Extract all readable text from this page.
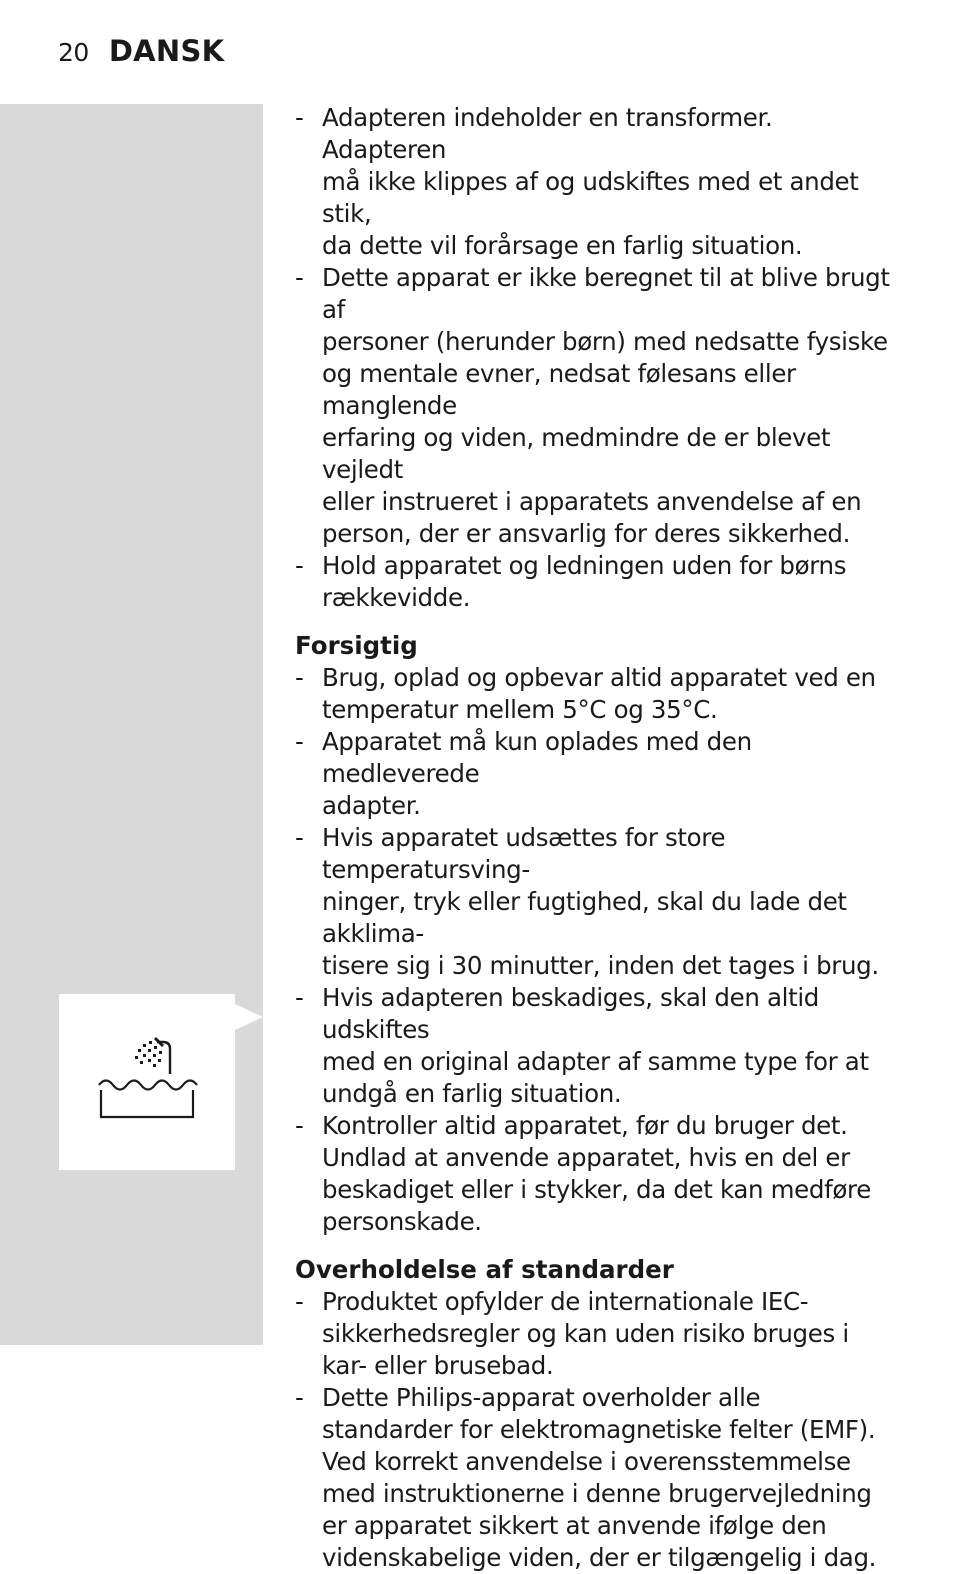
20 DANSK
- Adapteren indeholder en transformer. Adapteren
må ikke klippes af og udskiftes med et andet stik,
da dette vil forårsage en farlig situation.
- Dette apparat er ikke beregnet til at blive brugt af
personer (herunder børn) med nedsatte fysiske
og mentale evner, nedsat følesans eller manglende
erfaring og viden, medmindre de er blevet vejledt
eller instrueret i apparatets anvendelse af en
person, der er ansvarlig for deres sikkerhed.
- Hold apparatet og ledningen uden for børns
rækkevidde.
Forsigtig
- Brug, oplad og opbevar altid apparatet ved en
temperatur mellem 5°C og 35°C.
- Apparatet må kun oplades med den medleverede
adapter.
- Hvis apparatet udsættes for store temperatursving-
ninger, tryk eller fugtighed, skal du lade det akklima-
tisere sig i 30 minutter, inden det tages i brug.
- Hvis adapteren beskadiges, skal den altid udskiftes
med en original adapter af samme type for at
undgå en farlig situation.
- Kontroller altid apparatet, før du bruger det.
Undlad at anvende apparatet, hvis en del er
beskadiget eller i stykker, da det kan medføre
personskade.
Overholdelse af standarder
- Produktet opfylder de internationale IEC-
sikkerhedsregler og kan uden risiko bruges i
kar- eller brusebad.
- Dette Philips-apparat overholder alle
standarder for elektromagnetiske felter (EMF).
Ved korrekt anvendelse i overensstemmelse
med instruktionerne i denne brugervejledning
er apparatet sikkert at anvende ifølge den
videnskabelige viden, der er tilgængelig i dag.
